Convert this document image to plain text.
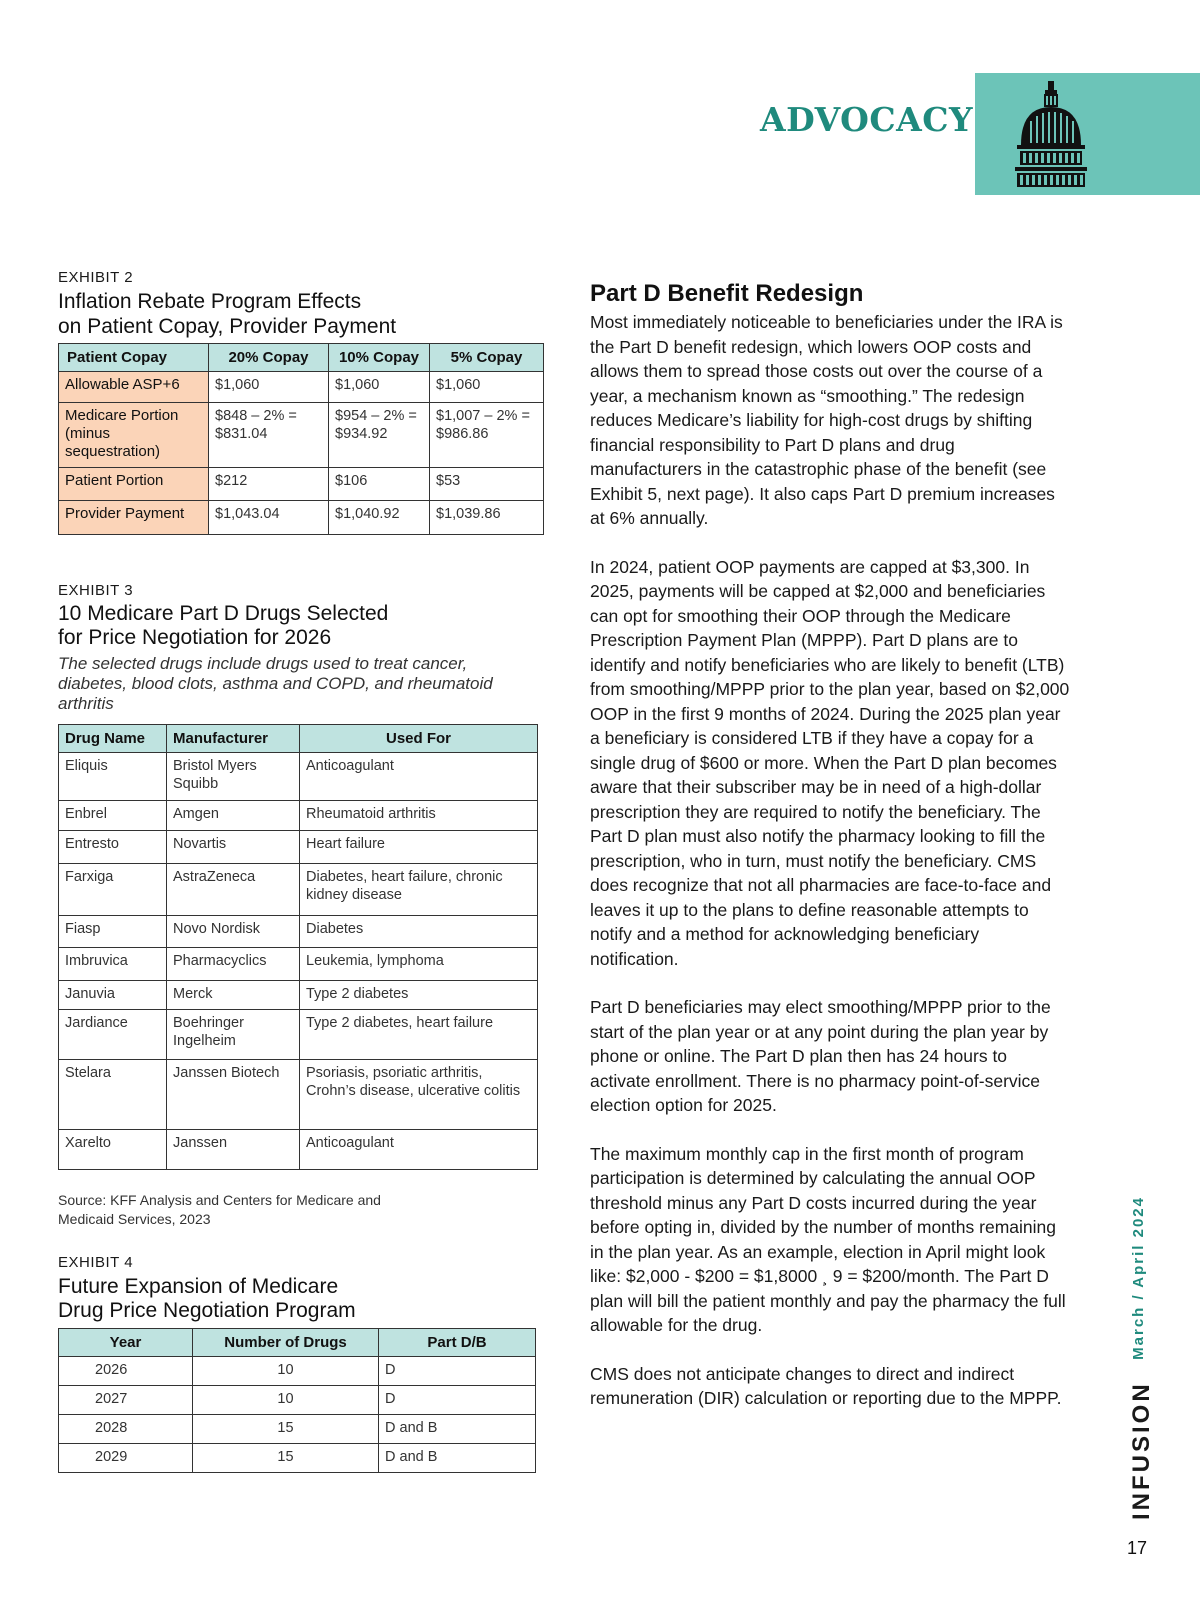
ADVOCACY
EXHIBIT 2
Inflation Rebate Program Effects
on Patient Copay, Provider Payment
Patient Copay	20% Copay	10% Copay	5% Copay
Allowable ASP+6	$1,060	$1,060	$1,060
Medicare Portion (minus sequestration)	$848 – 2% = $831.04	$954 – 2% = $934.92	$1,007 – 2% = $986.86
Patient Portion	$212	$106	$53
Provider Payment	$1,043.04	$1,040.92	$1,039.86
EXHIBIT 3
10 Medicare Part D Drugs Selected
for Price Negotiation for 2026
The selected drugs include drugs used to treat cancer, diabetes, blood clots, asthma and COPD, and rheumatoid arthritis
Drug Name	Manufacturer	Used For
Eliquis	Bristol Myers Squibb	Anticoagulant
Enbrel	Amgen	Rheumatoid arthritis
Entresto	Novartis	Heart failure
Farxiga	AstraZeneca	Diabetes, heart failure, chronic kidney disease
Fiasp	Novo Nordisk	Diabetes
Imbruvica	Pharmacyclics	Leukemia, lymphoma
Januvia	Merck	Type 2 diabetes
Jardiance	Boehringer Ingelheim	Type 2 diabetes, heart failure
Stelara	Janssen Biotech	Psoriasis, psoriatic arthritis, Crohn’s disease, ulcerative colitis
Xarelto	Janssen	Anticoagulant
Source: KFF Analysis and Centers for Medicare and
Medicaid Services, 2023
EXHIBIT 4
Future Expansion of Medicare
Drug Price Negotiation Program
Year	Number of Drugs	Part D/B
2026	10	D
2027	10	D
2028	15	D and B
2029	15	D and B
Part D Benefit Redesign

Most immediately noticeable to beneficiaries under the IRA is the Part D benefit redesign, which lowers OOP costs and allows them to spread those costs out over the course of a year, a mechanism known as “smoothing.” The redesign reduces Medicare’s liability for high-cost drugs by shifting financial responsibility to Part D plans and drug manufacturers in the catastrophic phase of the benefit (see Exhibit 5, next page). It also caps Part D premium increases at 6% annually.

In 2024, patient OOP payments are capped at $3,300. In 2025, payments will be capped at $2,000 and beneficiaries can opt for smoothing their OOP through the Medicare Prescription Payment Plan (MPPP). Part D plans are to identify and notify beneficiaries who are likely to benefit (LTB) from smoothing/MPPP prior to the plan year, based on $2,000 OOP in the first 9 months of 2024. During the 2025 plan year a beneficiary is considered LTB if they have a copay for a single drug of $600 or more. When the Part D plan becomes aware that their subscriber may be in need of a high-dollar prescription they are required to notify the beneficiary. The Part D plan must also notify the pharmacy looking to fill the prescription, who in turn, must notify the beneficiary. CMS does recognize that not all pharmacies are face-to-face and leaves it up to the plans to define reasonable attempts to notify and a method for acknowledging beneficiary notification.

Part D beneficiaries may elect smoothing/MPPP prior to the start of the plan year or at any point during the plan year by phone or online. The Part D plan then has 24 hours to activate enrollment. There is no pharmacy point-of-service election option for 2025.

The maximum monthly cap in the first month of program participation is determined by calculating the annual OOP threshold minus any Part D costs incurred during the year before opting in, divided by the number of months remaining in the plan year. As an example, election in April might look like: $2,000 - $200 = $1,8000 ¸ 9 = $200/month. The Part D plan will bill the patient monthly and pay the pharmacy the full allowable for the drug.

CMS does not anticipate changes to direct and indirect remuneration (DIR) calculation or reporting due to the MPPP.

March / April 2024
INFUSION
17
